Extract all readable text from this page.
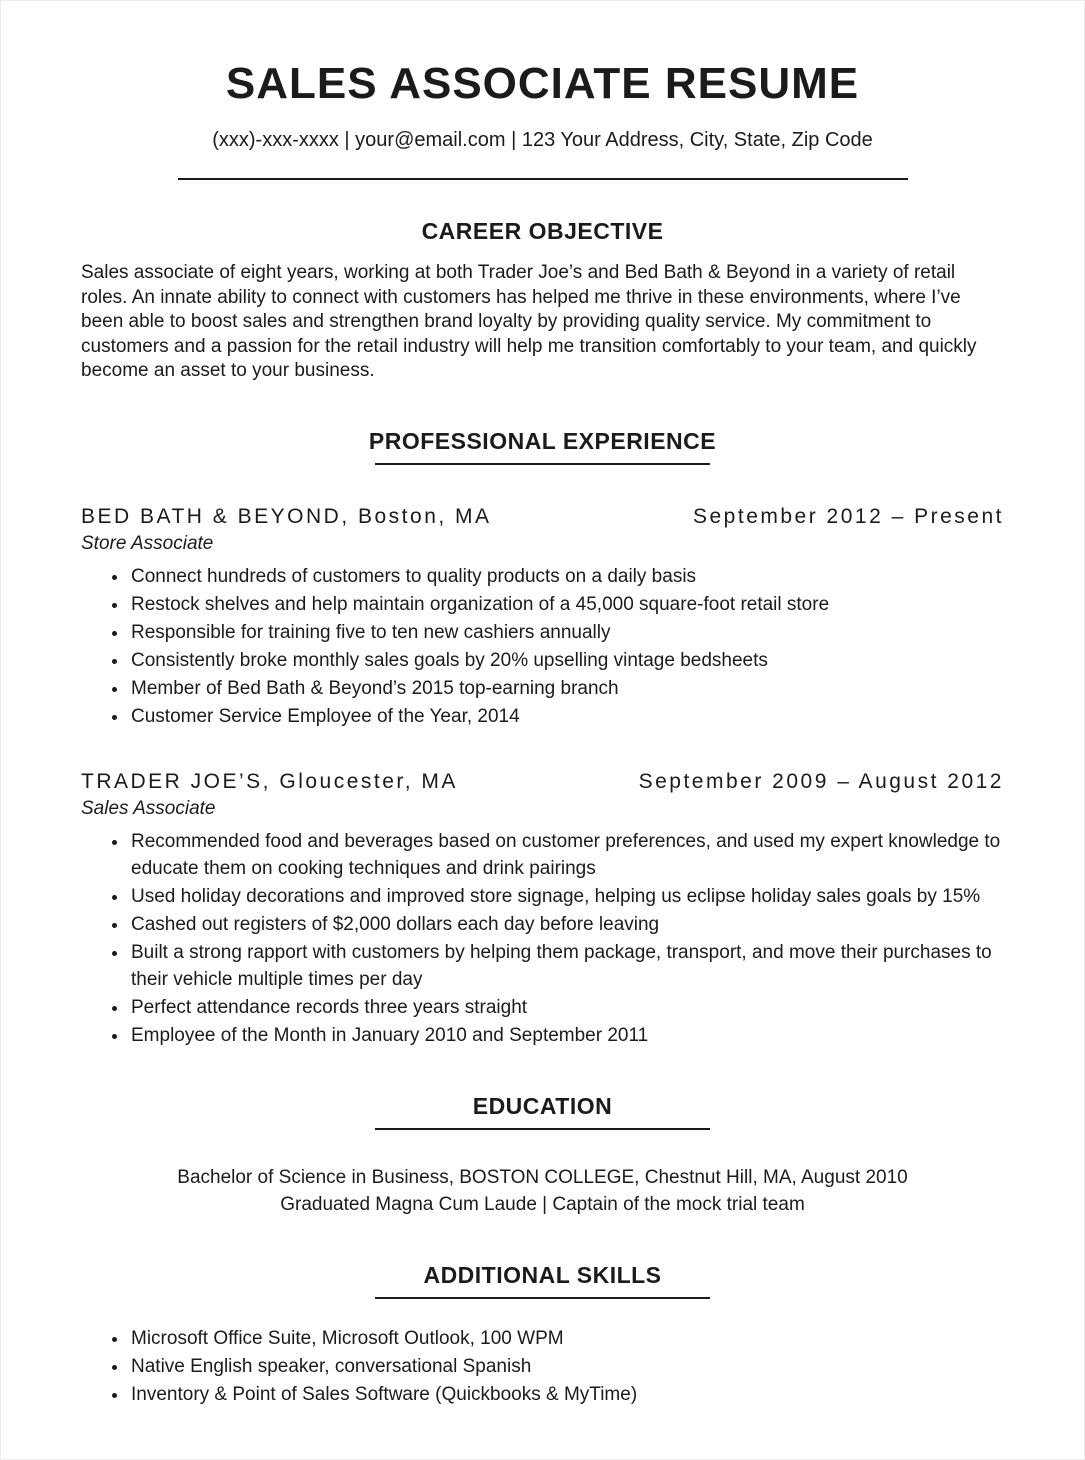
SALES ASSOCIATE RESUME

(xxx)-xxx-xxxx | your@email.com | 123 Your Address, City, State, Zip Code

CAREER OBJECTIVE

Sales associate of eight years, working at both Trader Joe’s and Bed Bath & Beyond in a variety of retail roles. An innate ability to connect with customers has helped me thrive in these environments, where I’ve been able to boost sales and strengthen brand loyalty by providing quality service. My commitment to customers and a passion for the retail industry will help me transition comfortably to your team, and quickly become an asset to your business.

PROFESSIONAL EXPERIENCE
BED BATH & BEYOND, Boston, MA	September 2012 – Present
Store Associate
• Connect hundreds of customers to quality products on a daily basis
• Restock shelves and help maintain organization of a 45,000 square-foot retail store
• Responsible for training five to ten new cashiers annually
• Consistently broke monthly sales goals by 20% upselling vintage bedsheets
• Member of Bed Bath & Beyond’s 2015 top-earning branch
• Customer Service Employee of the Year, 2014
TRADER JOE’S, Gloucester, MA	September 2009 – August 2012
Sales Associate
• Recommended food and beverages based on customer preferences, and used my expert knowledge to educate them on cooking techniques and drink pairings
• Used holiday decorations and improved store signage, helping us eclipse holiday sales goals by 15%
• Cashed out registers of $2,000 dollars each day before leaving
• Built a strong rapport with customers by helping them package, transport, and move their purchases to their vehicle multiple times per day
• Perfect attendance records three years straight
• Employee of the Month in January 2010 and September 2011
EDUCATION

Bachelor of Science in Business, BOSTON COLLEGE, Chestnut Hill, MA, August 2010

Graduated Magna Cum Laude | Captain of the mock trial team

ADDITIONAL SKILLS
• Microsoft Office Suite, Microsoft Outlook, 100 WPM
• Native English speaker, conversational Spanish
• Inventory & Point of Sales Software (Quickbooks & MyTime)
